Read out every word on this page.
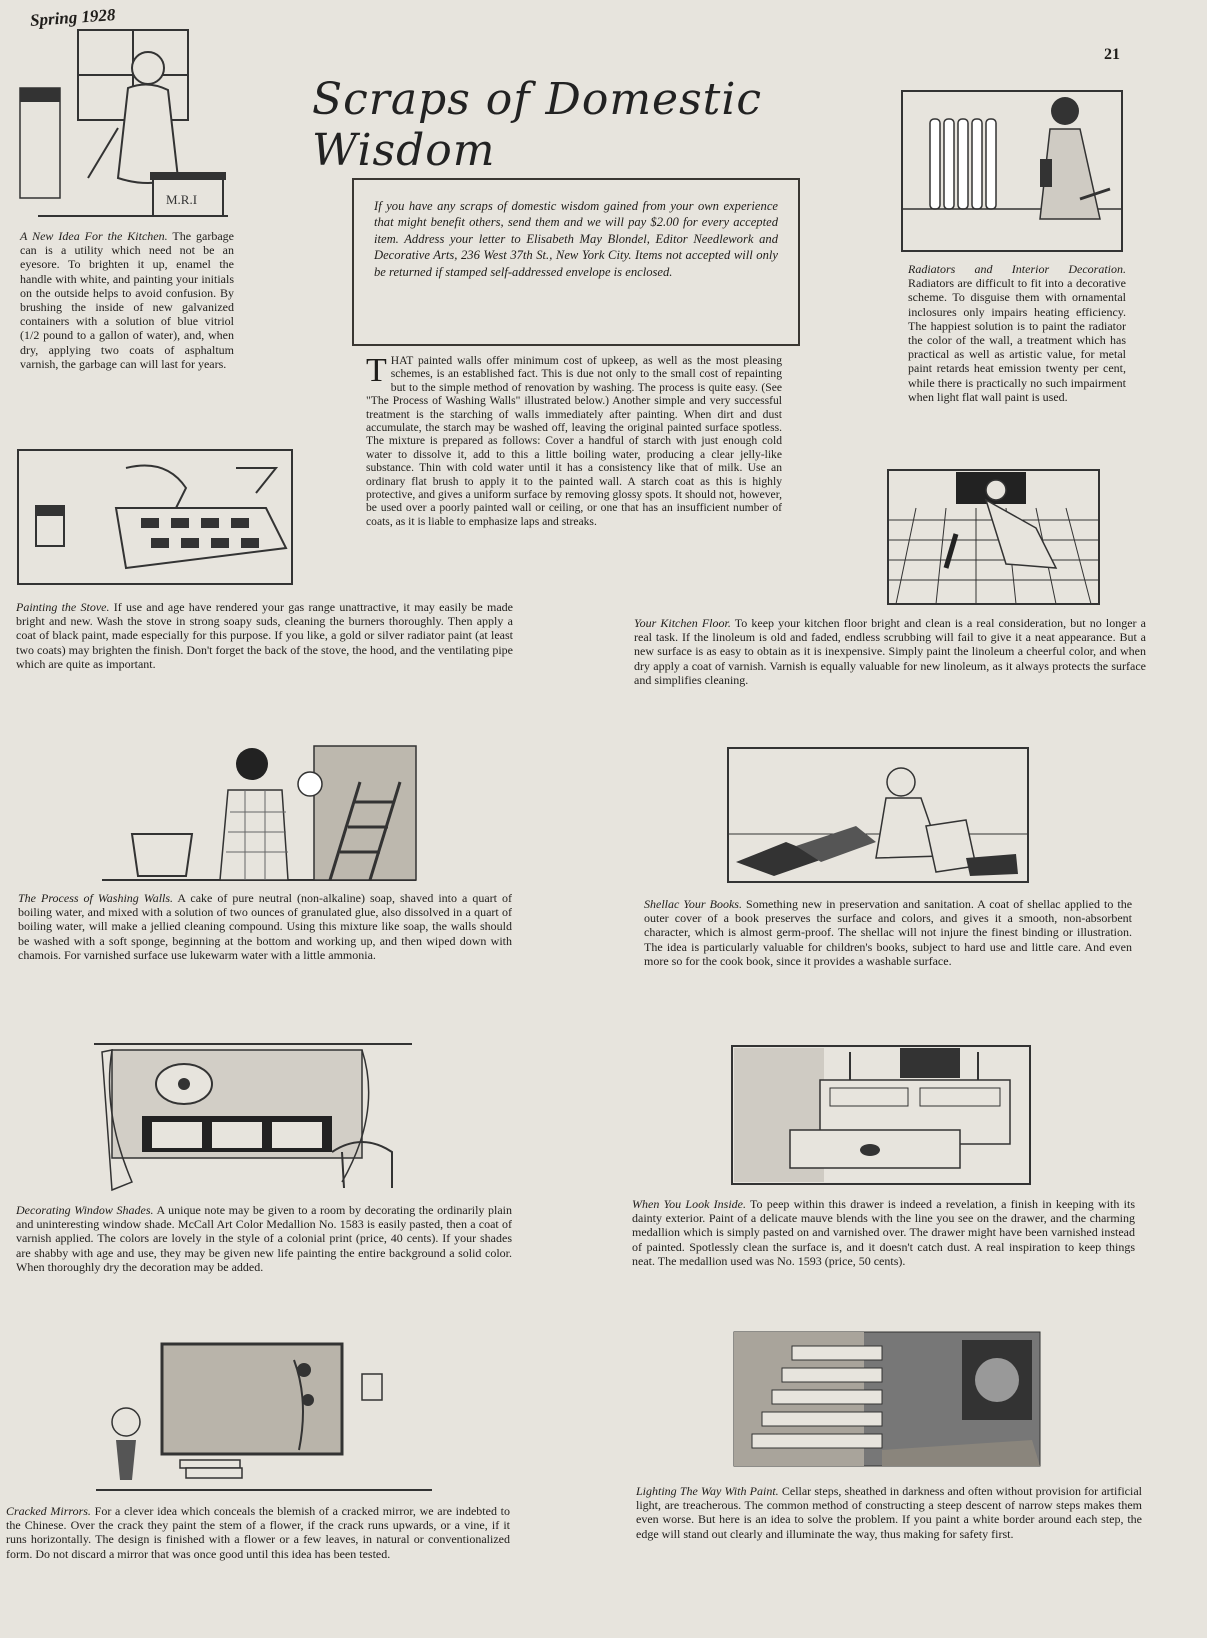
Spring 1928
21
Scraps of Domestic Wisdom

If you have any scraps of domestic wisdom gained from your own experience that might benefit others, send them and we will pay $2.00 for every accepted item. Address your letter to Elisabeth May Blondel, Editor Needlework and Decorative Arts, 236 West 37th St., New York City. Items not accepted will only be returned if stamped self-addressed envelope is enclosed.

THAT painted walls offer minimum cost of upkeep, as well as the most pleasing schemes, is an established fact. This is due not only to the small cost of repainting but to the simple method of renovation by washing. The process is quite easy. (See "The Process of Washing Walls" illustrated below.) Another simple and very successful treatment is the starching of walls immediately after painting. When dirt and dust accumulate, the starch may be washed off, leaving the original painted surface spotless. The mixture is prepared as follows: Cover a handful of starch with just enough cold water to dissolve it, add to this a little boiling water, producing a clear jelly-like substance. Thin with cold water until it has a consistency like that of milk. Use an ordinary flat brush to apply it to the painted wall. A starch coat as this is highly protective, and gives a uniform surface by removing glossy spots. It should not, however, be used over a poorly painted wall or ceiling, or one that has an insufficient number of coats, as it is liable to emphasize laps and streaks.

M.R.I

A New Idea For the Kitchen. The garbage can is a utility which need not be an eyesore. To brighten it up, enamel the handle with white, and painting your initials on the outside helps to avoid confusion. By brushing the inside of new galvanized containers with a solution of blue vitriol (1/2 pound to a gallon of water), and, when dry, applying two coats of asphaltum varnish, the garbage can will last for years.

Radiators and Interior Decoration. Radiators are difficult to fit into a decorative scheme. To disguise them with ornamental inclosures only impairs heating efficiency. The happiest solution is to paint the radiator the color of the wall, a treatment which has practical as well as artistic value, for metal paint retards heat emission twenty per cent, while there is practically no such impairment when light flat wall paint is used.

Painting the Stove. If use and age have rendered your gas range unattractive, it may easily be made bright and new. Wash the stove in strong soapy suds, cleaning the burners thoroughly. Then apply a coat of black paint, made especially for this purpose. If you like, a gold or silver radiator paint (at least two coats) may brighten the finish. Don't forget the back of the stove, the hood, and the ventilating pipe which are quite as important.

Your Kitchen Floor. To keep your kitchen floor bright and clean is a real consideration, but no longer a real task. If the linoleum is old and faded, endless scrubbing will fail to give it a neat appearance. But a new surface is as easy to obtain as it is inexpensive. Simply paint the linoleum a cheerful color, and when dry apply a coat of varnish. Varnish is equally valuable for new linoleum, as it always protects the surface and simplifies cleaning.

The Process of Washing Walls. A cake of pure neutral (non-alkaline) soap, shaved into a quart of boiling water, and mixed with a solution of two ounces of granulated glue, also dissolved in a quart of boiling water, will make a jellied cleaning compound. Using this mixture like soap, the walls should be washed with a soft sponge, beginning at the bottom and working up, and then wiped down with chamois. For varnished surface use lukewarm water with a little ammonia.

Shellac Your Books. Something new in preservation and sanitation. A coat of shellac applied to the outer cover of a book preserves the surface and colors, and gives it a smooth, non-absorbent character, which is almost germ-proof. The shellac will not injure the finest binding or illustration. The idea is particularly valuable for children's books, subject to hard use and little care. And even more so for the cook book, since it provides a washable surface.

Decorating Window Shades. A unique note may be given to a room by decorating the ordinarily plain and uninteresting window shade. McCall Art Color Medallion No. 1583 is easily pasted, then a coat of varnish applied. The colors are lovely in the style of a colonial print (price, 40 cents). If your shades are shabby with age and use, they may be given new life painting the entire background a solid color. When thoroughly dry the decoration may be added.

When You Look Inside. To peep within this drawer is indeed a revelation, a finish in keeping with its dainty exterior. Paint of a delicate mauve blends with the line you see on the drawer, and the charming medallion which is simply pasted on and varnished over. The drawer might have been varnished instead of painted. Spotlessly clean the surface is, and it doesn't catch dust. A real inspiration to keep things neat. The medallion used was No. 1593 (price, 50 cents).

Cracked Mirrors. For a clever idea which conceals the blemish of a cracked mirror, we are indebted to the Chinese. Over the crack they paint the stem of a flower, if the crack runs upwards, or a vine, if it runs horizontally. The design is finished with a flower or a few leaves, in natural or conventionalized form. Do not discard a mirror that was once good until this idea has been tested.

Lighting The Way With Paint. Cellar steps, sheathed in darkness and often without provision for artificial light, are treacherous. The common method of constructing a steep descent of narrow steps makes them even worse. But here is an idea to solve the problem. If you paint a white border around each step, the edge will stand out clearly and illuminate the way, thus making for safety first.
